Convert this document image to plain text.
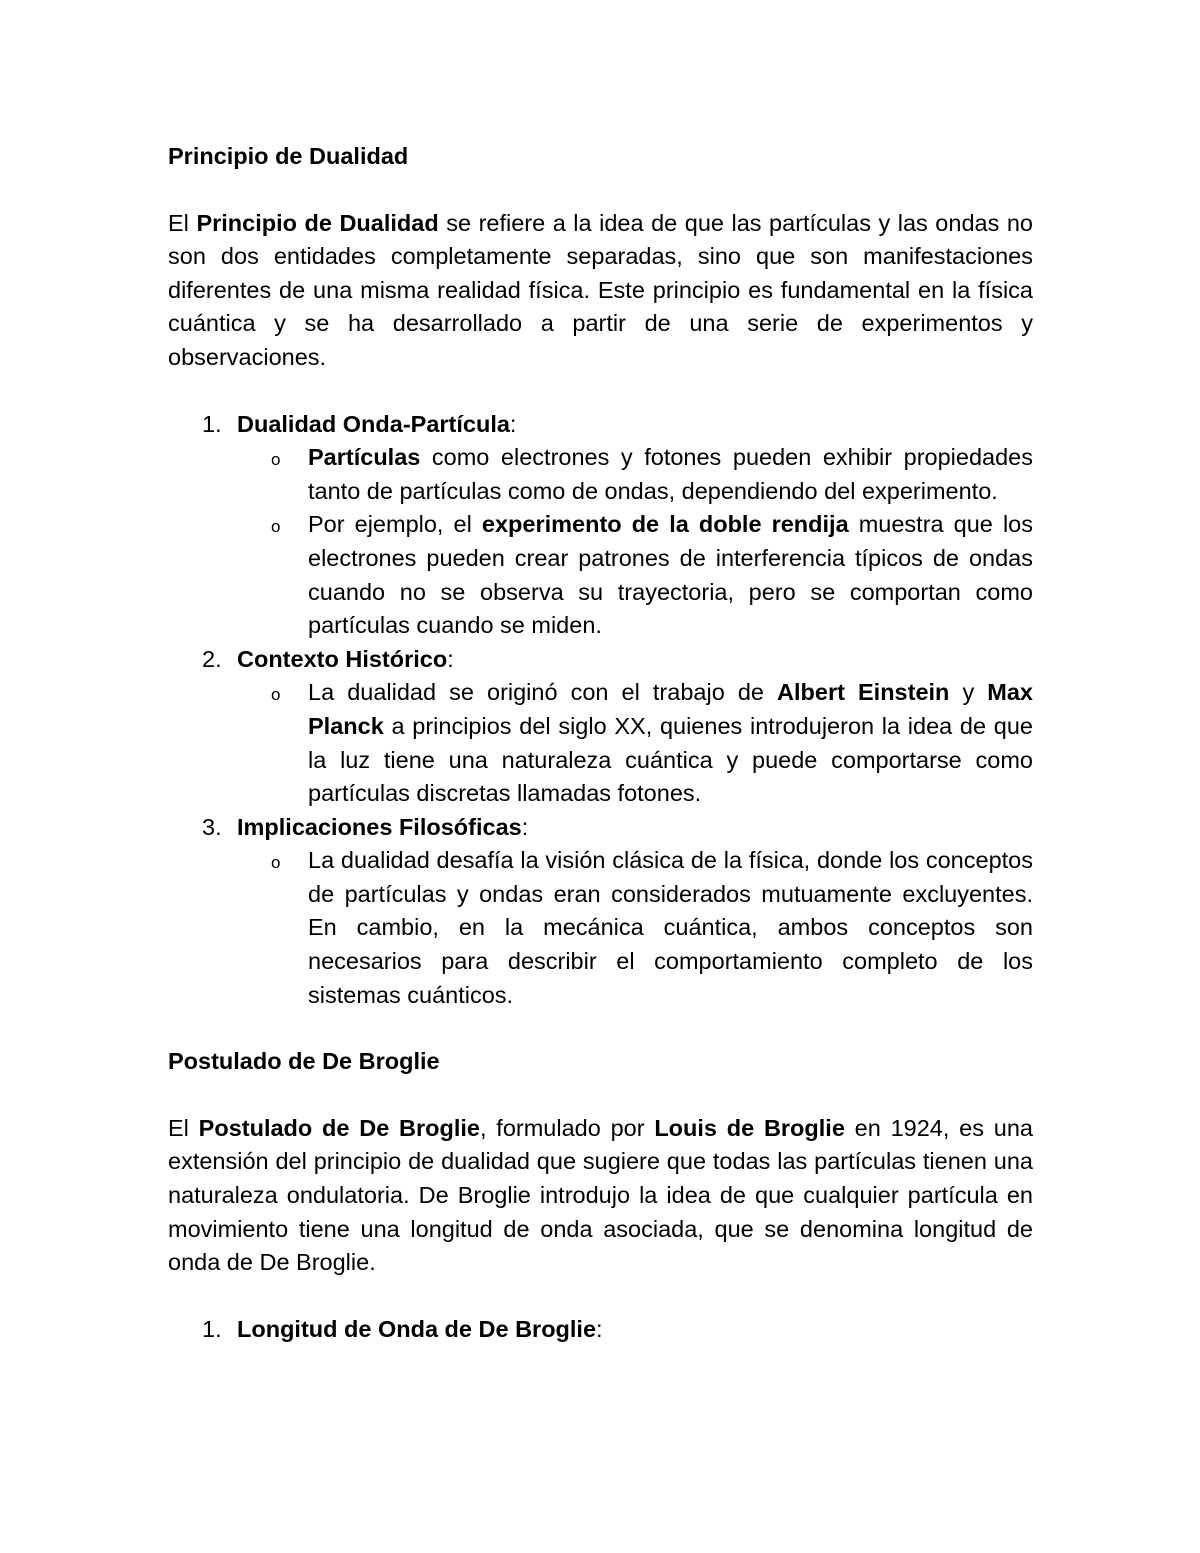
Principio de Dualidad

El Principio de Dualidad se refiere a la idea de que las partículas y las ondas no son dos entidades completamente separadas, sino que son manifestaciones diferentes de una misma realidad física. Este principio es fundamental en la física cuántica y se ha desarrollado a partir de una serie de experimentos y observaciones.

1. Dualidad Onda-Partícula:
o	Partículas como electrones y fotones pueden exhibir propiedades tanto de partículas como de ondas, dependiendo del experimento.
o	Por ejemplo, el experimento de la doble rendija muestra que los electrones pueden crear patrones de interferencia típicos de ondas cuando no se observa su trayectoria, pero se comportan como partículas cuando se miden.
2. Contexto Histórico:
o	La dualidad se originó con el trabajo de Albert Einstein y Max Planck a principios del siglo XX, quienes introdujeron la idea de que la luz tiene una naturaleza cuántica y puede comportarse como partículas discretas llamadas fotones.
3. Implicaciones Filosóficas:
o	La dualidad desafía la visión clásica de la física, donde los conceptos de partículas y ondas eran considerados mutuamente excluyentes. En cambio, en la mecánica cuántica, ambos conceptos son necesarios para describir el comportamiento completo de los sistemas cuánticos.

Postulado de De Broglie

El Postulado de De Broglie, formulado por Louis de Broglie en 1924, es una extensión del principio de dualidad que sugiere que todas las partículas tienen una naturaleza ondulatoria. De Broglie introdujo la idea de que cualquier partícula en movimiento tiene una longitud de onda asociada, que se denomina longitud de onda de De Broglie.

1. Longitud de Onda de De Broglie:
